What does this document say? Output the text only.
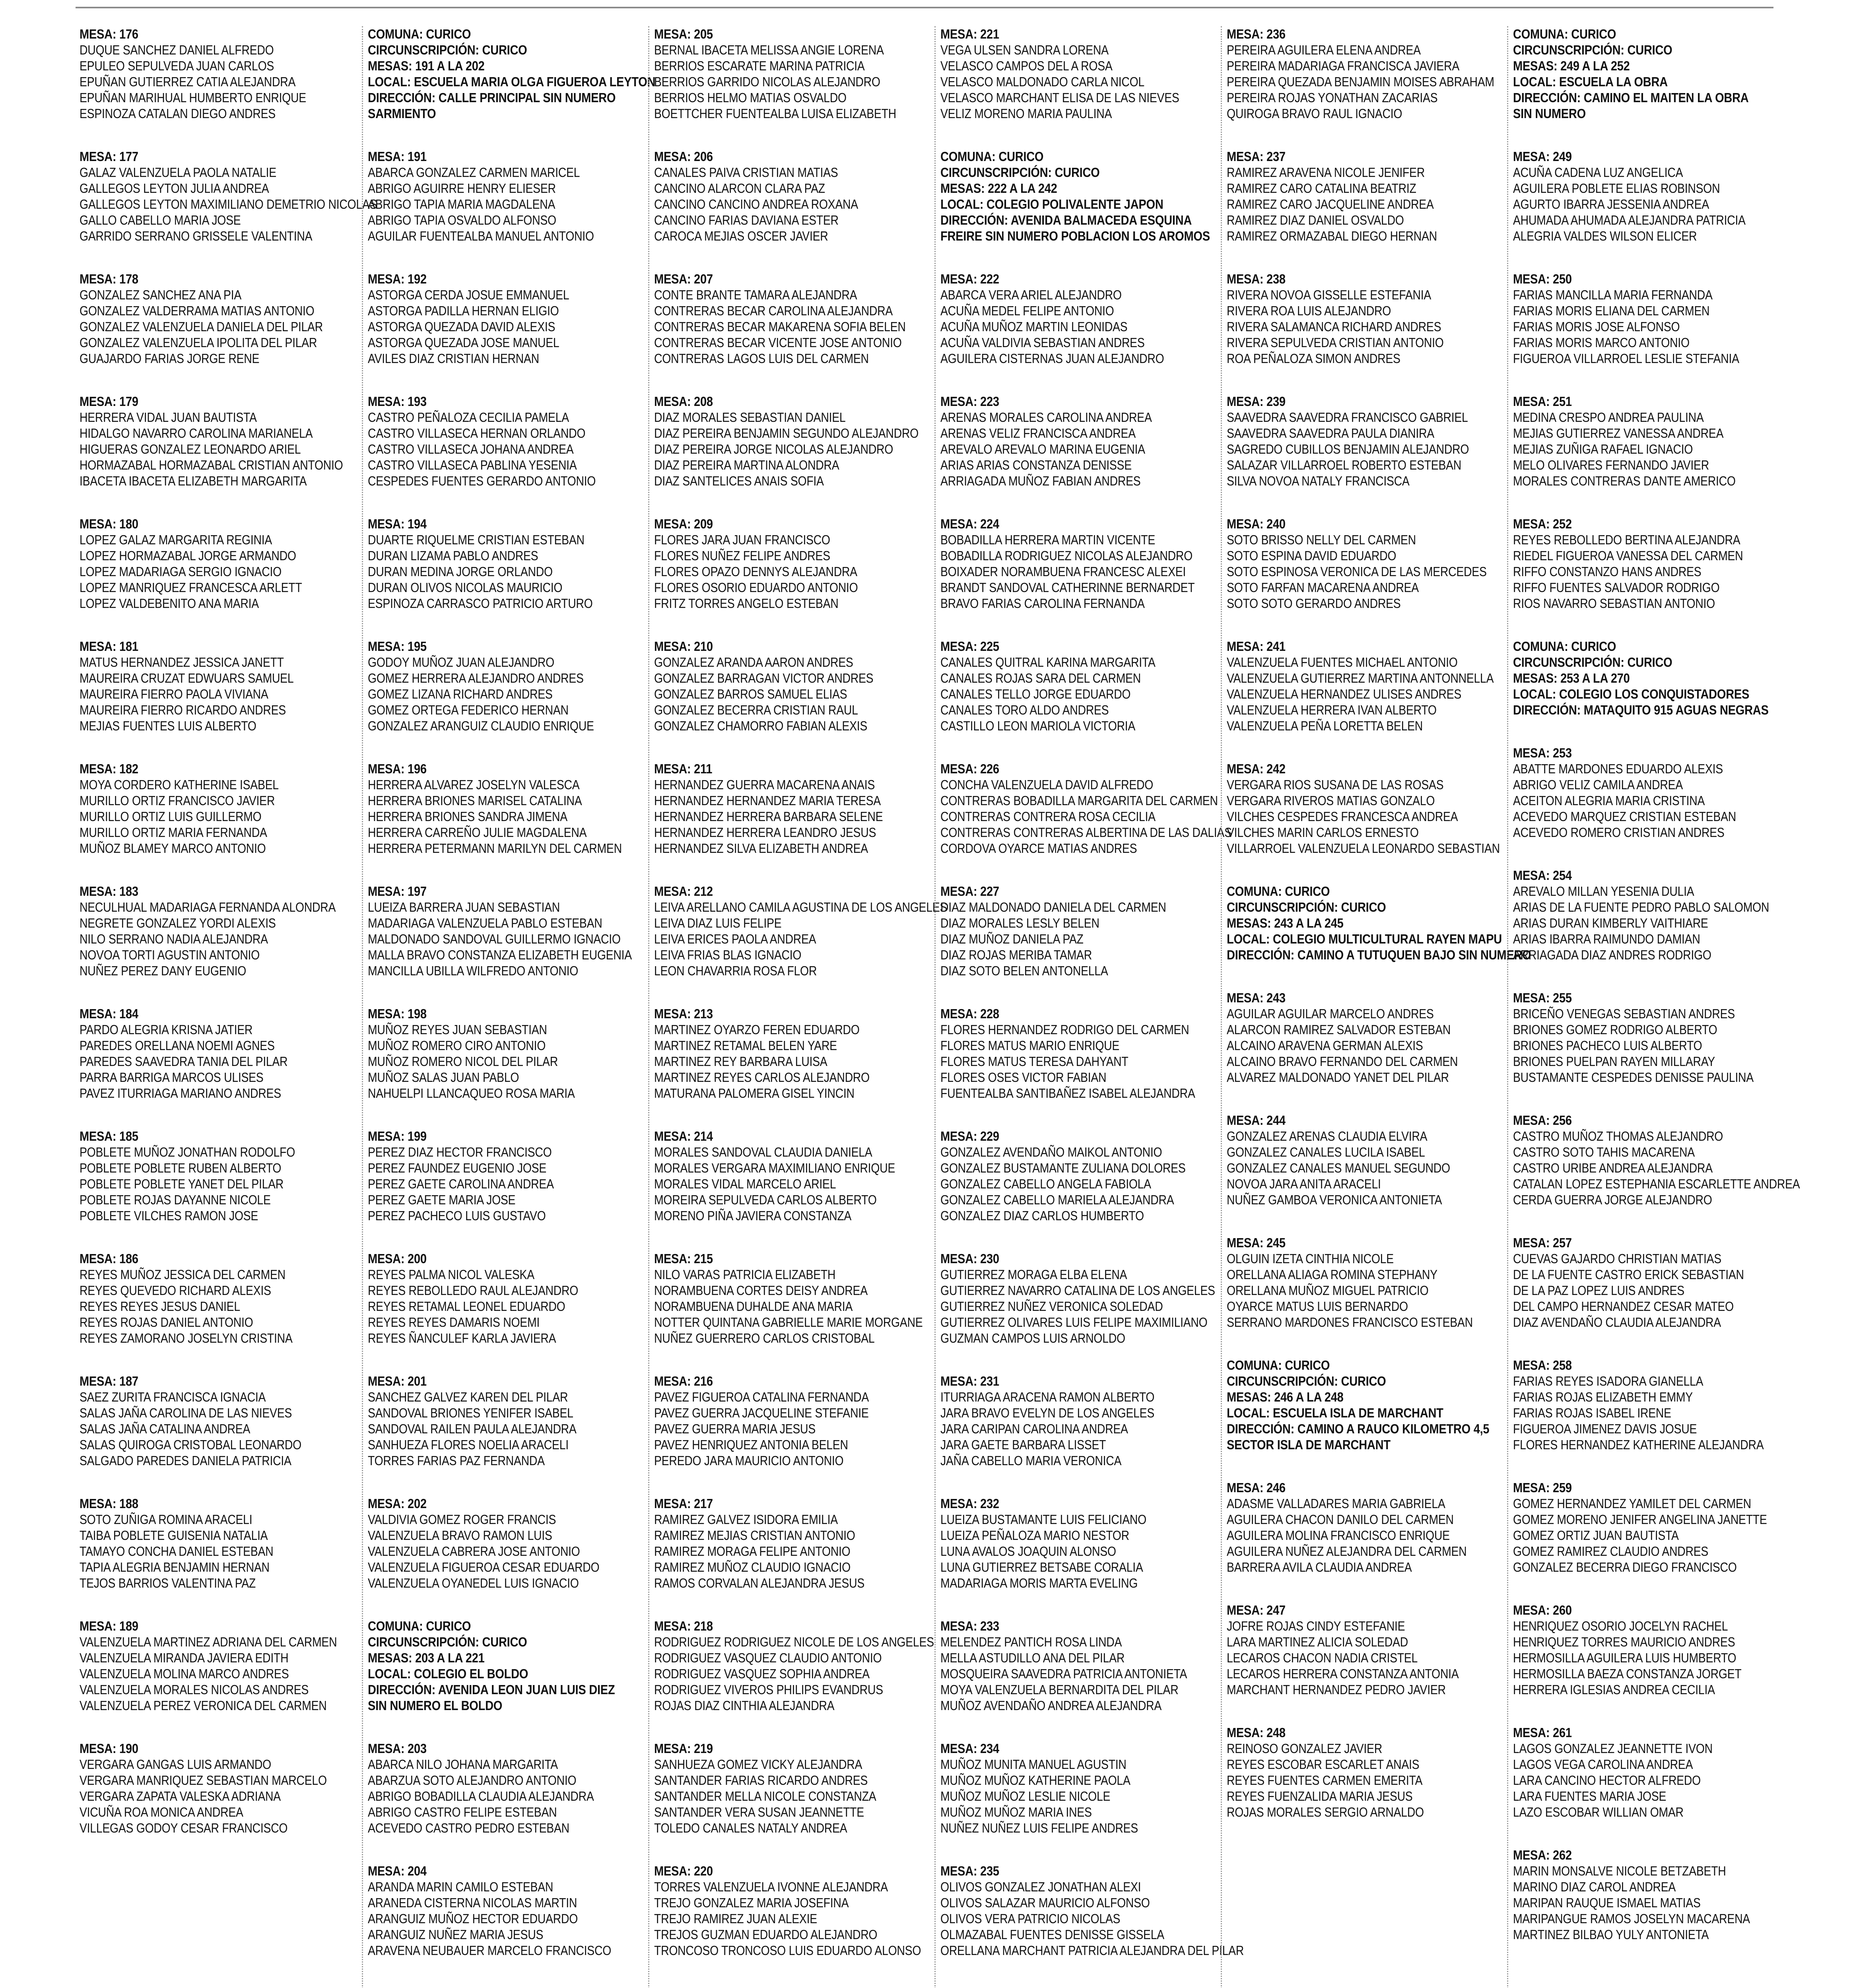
MESA: 176
DUQUE SANCHEZ DANIEL ALFREDO
EPULEO SEPULVEDA JUAN CARLOS
EPUÑAN GUTIERREZ CATIA ALEJANDRA
EPUÑAN MARIHUAL HUMBERTO ENRIQUE
ESPINOZA CATALAN DIEGO ANDRES
MESA: 177
GALAZ VALENZUELA PAOLA NATALIE
GALLEGOS LEYTON JULIA ANDREA
GALLEGOS LEYTON MAXIMILIANO DEMETRIO NICOLAS
GALLO CABELLO MARIA JOSE
GARRIDO SERRANO GRISSELE VALENTINA
MESA: 178
GONZALEZ SANCHEZ ANA PIA
GONZALEZ VALDERRAMA MATIAS ANTONIO
GONZALEZ VALENZUELA DANIELA DEL PILAR
GONZALEZ VALENZUELA IPOLITA DEL PILAR
GUAJARDO FARIAS JORGE RENE
MESA: 179
HERRERA VIDAL JUAN BAUTISTA
HIDALGO NAVARRO CAROLINA MARIANELA
HIGUERAS GONZALEZ LEONARDO ARIEL
HORMAZABAL HORMAZABAL CRISTIAN ANTONIO
IBACETA IBACETA ELIZABETH MARGARITA
MESA: 180
LOPEZ GALAZ MARGARITA REGINIA
LOPEZ HORMAZABAL JORGE ARMANDO
LOPEZ MADARIAGA SERGIO IGNACIO
LOPEZ MANRIQUEZ FRANCESCA ARLETT
LOPEZ VALDEBENITO ANA MARIA
MESA: 181
MATUS HERNANDEZ JESSICA JANETT
MAUREIRA CRUZAT EDWUARS SAMUEL
MAUREIRA FIERRO PAOLA VIVIANA
MAUREIRA FIERRO RICARDO ANDRES
MEJIAS FUENTES LUIS ALBERTO
MESA: 182
MOYA CORDERO KATHERINE ISABEL
MURILLO ORTIZ FRANCISCO JAVIER
MURILLO ORTIZ LUIS GUILLERMO
MURILLO ORTIZ MARIA FERNANDA
MUÑOZ BLAMEY MARCO ANTONIO
MESA: 183
NECULHUAL MADARIAGA FERNANDA ALONDRA
NEGRETE GONZALEZ YORDI ALEXIS
NILO SERRANO NADIA ALEJANDRA
NOVOA TORTI AGUSTIN ANTONIO
NUÑEZ PEREZ DANY EUGENIO
MESA: 184
PARDO ALEGRIA KRISNA JATIER
PAREDES ORELLANA NOEMI AGNES
PAREDES SAAVEDRA TANIA DEL PILAR
PARRA BARRIGA MARCOS ULISES
PAVEZ ITURRIAGA MARIANO ANDRES
MESA: 185
POBLETE MUÑOZ JONATHAN RODOLFO
POBLETE POBLETE RUBEN ALBERTO
POBLETE POBLETE YANET DEL PILAR
POBLETE ROJAS DAYANNE NICOLE
POBLETE VILCHES RAMON JOSE
MESA: 186
REYES MUÑOZ JESSICA DEL CARMEN
REYES QUEVEDO RICHARD ALEXIS
REYES REYES JESUS DANIEL
REYES ROJAS DANIEL ANTONIO
REYES ZAMORANO JOSELYN CRISTINA
MESA: 187
SAEZ ZURITA FRANCISCA IGNACIA
SALAS JAÑA CAROLINA DE LAS NIEVES
SALAS JAÑA CATALINA ANDREA
SALAS QUIROGA CRISTOBAL LEONARDO
SALGADO PAREDES DANIELA PATRICIA
MESA: 188
SOTO ZUÑIGA ROMINA ARACELI
TAIBA POBLETE GUISENIA NATALIA
TAMAYO CONCHA DANIEL ESTEBAN
TAPIA ALEGRIA BENJAMIN HERNAN
TEJOS BARRIOS VALENTINA PAZ
MESA: 189
VALENZUELA MARTINEZ ADRIANA DEL CARMEN
VALENZUELA MIRANDA JAVIERA EDITH
VALENZUELA MOLINA MARCO ANDRES
VALENZUELA MORALES NICOLAS ANDRES
VALENZUELA PEREZ VERONICA DEL CARMEN
MESA: 190
VERGARA GANGAS LUIS ARMANDO
VERGARA MANRIQUEZ SEBASTIAN MARCELO
VERGARA ZAPATA VALESKA ADRIANA
VICUÑA ROA MONICA ANDREA
VILLEGAS GODOY CESAR FRANCISCO
COMUNA: CURICO
CIRCUNSCRIPCIÓN: CURICO
MESAS: 191 A LA 202
LOCAL: ESCUELA MARIA OLGA FIGUEROA LEYTON
DIRECCIÓN: CALLE PRINCIPAL SIN NUMERO
SARMIENTO
MESA: 191
ABARCA GONZALEZ CARMEN MARICEL
ABRIGO AGUIRRE HENRY ELIESER
ABRIGO TAPIA MARIA MAGDALENA
ABRIGO TAPIA OSVALDO ALFONSO
AGUILAR FUENTEALBA MANUEL ANTONIO
MESA: 192
ASTORGA CERDA JOSUE EMMANUEL
ASTORGA PADILLA HERNAN ELIGIO
ASTORGA QUEZADA DAVID ALEXIS
ASTORGA QUEZADA JOSE MANUEL
AVILES DIAZ CRISTIAN HERNAN
MESA: 193
CASTRO PEÑALOZA CECILIA PAMELA
CASTRO VILLASECA HERNAN ORLANDO
CASTRO VILLASECA JOHANA ANDREA
CASTRO VILLASECA PABLINA YESENIA
CESPEDES FUENTES GERARDO ANTONIO
MESA: 194
DUARTE RIQUELME CRISTIAN ESTEBAN
DURAN LIZAMA PABLO ANDRES
DURAN MEDINA JORGE ORLANDO
DURAN OLIVOS NICOLAS MAURICIO
ESPINOZA CARRASCO PATRICIO ARTURO
MESA: 195
GODOY MUÑOZ JUAN ALEJANDRO
GOMEZ HERRERA ALEJANDRO ANDRES
GOMEZ LIZANA RICHARD ANDRES
GOMEZ ORTEGA FEDERICO HERNAN
GONZALEZ ARANGUIZ CLAUDIO ENRIQUE
MESA: 196
HERRERA ALVAREZ JOSELYN VALESCA
HERRERA BRIONES MARISEL CATALINA
HERRERA BRIONES SANDRA JIMENA
HERRERA CARREÑO JULIE MAGDALENA
HERRERA PETERMANN MARILYN DEL CARMEN
MESA: 197
LUEIZA BARRERA JUAN SEBASTIAN
MADARIAGA VALENZUELA PABLO ESTEBAN
MALDONADO SANDOVAL GUILLERMO IGNACIO
MALLA BRAVO CONSTANZA ELIZABETH EUGENIA
MANCILLA UBILLA WILFREDO ANTONIO
MESA: 198
MUÑOZ REYES JUAN SEBASTIAN
MUÑOZ ROMERO CIRO ANTONIO
MUÑOZ ROMERO NICOL DEL PILAR
MUÑOZ SALAS JUAN PABLO
NAHUELPI LLANCAQUEO ROSA MARIA
MESA: 199
PEREZ DIAZ HECTOR FRANCISCO
PEREZ FAUNDEZ EUGENIO JOSE
PEREZ GAETE CAROLINA ANDREA
PEREZ GAETE MARIA JOSE
PEREZ PACHECO LUIS GUSTAVO
MESA: 200
REYES PALMA NICOL VALESKA
REYES REBOLLEDO RAUL ALEJANDRO
REYES RETAMAL LEONEL EDUARDO
REYES REYES DAMARIS NOEMI
REYES ÑANCULEF KARLA JAVIERA
MESA: 201
SANCHEZ GALVEZ KAREN DEL PILAR
SANDOVAL BRIONES YENIFER ISABEL
SANDOVAL RAILEN PAULA ALEJANDRA
SANHUEZA FLORES NOELIA ARACELI
TORRES FARIAS PAZ FERNANDA
MESA: 202
VALDIVIA GOMEZ ROGER FRANCIS
VALENZUELA BRAVO RAMON LUIS
VALENZUELA CABRERA JOSE ANTONIO
VALENZUELA FIGUEROA CESAR EDUARDO
VALENZUELA OYANEDEL LUIS IGNACIO
COMUNA: CURICO
CIRCUNSCRIPCIÓN: CURICO
MESAS: 203 A LA 221
LOCAL: COLEGIO EL BOLDO
DIRECCIÓN: AVENIDA LEON JUAN LUIS DIEZ
SIN NUMERO EL BOLDO
MESA: 203
ABARCA NILO JOHANA MARGARITA
ABARZUA SOTO ALEJANDRO ANTONIO
ABRIGO BOBADILLA CLAUDIA ALEJANDRA
ABRIGO CASTRO FELIPE ESTEBAN
ACEVEDO CASTRO PEDRO ESTEBAN
MESA: 204
ARANDA MARIN CAMILO ESTEBAN
ARANEDA CISTERNA NICOLAS MARTIN
ARANGUIZ MUÑOZ HECTOR EDUARDO
ARANGUIZ NUÑEZ MARIA JESUS
ARAVENA NEUBAUER MARCELO FRANCISCO
MESA: 205
BERNAL IBACETA MELISSA ANGIE LORENA
BERRIOS ESCARATE MARINA PATRICIA
BERRIOS GARRIDO NICOLAS ALEJANDRO
BERRIOS HELMO MATIAS OSVALDO
BOETTCHER FUENTEALBA LUISA ELIZABETH
MESA: 206
CANALES PAIVA CRISTIAN MATIAS
CANCINO ALARCON CLARA PAZ
CANCINO CANCINO ANDREA ROXANA
CANCINO FARIAS DAVIANA ESTER
CAROCA MEJIAS OSCER JAVIER
MESA: 207
CONTE BRANTE TAMARA ALEJANDRA
CONTRERAS BECAR CAROLINA ALEJANDRA
CONTRERAS BECAR MAKARENA SOFIA BELEN
CONTRERAS BECAR VICENTE JOSE ANTONIO
CONTRERAS LAGOS LUIS DEL CARMEN
MESA: 208
DIAZ MORALES SEBASTIAN DANIEL
DIAZ PEREIRA BENJAMIN SEGUNDO ALEJANDRO
DIAZ PEREIRA JORGE NICOLAS ALEJANDRO
DIAZ PEREIRA MARTINA ALONDRA
DIAZ SANTELICES ANAIS SOFIA
MESA: 209
FLORES JARA JUAN FRANCISCO
FLORES NUÑEZ FELIPE ANDRES
FLORES OPAZO DENNYS ALEJANDRA
FLORES OSORIO EDUARDO ANTONIO
FRITZ TORRES ANGELO ESTEBAN
MESA: 210
GONZALEZ ARANDA AARON ANDRES
GONZALEZ BARRAGAN VICTOR ANDRES
GONZALEZ BARROS SAMUEL ELIAS
GONZALEZ BECERRA CRISTIAN RAUL
GONZALEZ CHAMORRO FABIAN ALEXIS
MESA: 211
HERNANDEZ GUERRA MACARENA ANAIS
HERNANDEZ HERNANDEZ MARIA TERESA
HERNANDEZ HERRERA BARBARA SELENE
HERNANDEZ HERRERA LEANDRO JESUS
HERNANDEZ SILVA ELIZABETH ANDREA
MESA: 212
LEIVA ARELLANO CAMILA AGUSTINA DE LOS ANGELES
LEIVA DIAZ LUIS FELIPE
LEIVA ERICES PAOLA ANDREA
LEIVA FRIAS BLAS IGNACIO
LEON CHAVARRIA ROSA FLOR
MESA: 213
MARTINEZ OYARZO FEREN EDUARDO
MARTINEZ RETAMAL BELEN YARE
MARTINEZ REY BARBARA LUISA
MARTINEZ REYES CARLOS ALEJANDRO
MATURANA PALOMERA GISEL YINCIN
MESA: 214
MORALES SANDOVAL CLAUDIA DANIELA
MORALES VERGARA MAXIMILIANO ENRIQUE
MORALES VIDAL MARCELO ARIEL
MOREIRA SEPULVEDA CARLOS ALBERTO
MORENO PIÑA JAVIERA CONSTANZA
MESA: 215
NILO VARAS PATRICIA ELIZABETH
NORAMBUENA CORTES DEISY ANDREA
NORAMBUENA DUHALDE ANA MARIA
NOTTER QUINTANA GABRIELLE MARIE MORGANE
NUÑEZ GUERRERO CARLOS CRISTOBAL
MESA: 216
PAVEZ FIGUEROA CATALINA FERNANDA
PAVEZ GUERRA JACQUELINE STEFANIE
PAVEZ GUERRA MARIA JESUS
PAVEZ HENRIQUEZ ANTONIA BELEN
PEREDO JARA MAURICIO ANTONIO
MESA: 217
RAMIREZ GALVEZ ISIDORA EMILIA
RAMIREZ MEJIAS CRISTIAN ANTONIO
RAMIREZ MORAGA FELIPE ANTONIO
RAMIREZ MUÑOZ CLAUDIO IGNACIO
RAMOS CORVALAN ALEJANDRA JESUS
MESA: 218
RODRIGUEZ RODRIGUEZ NICOLE DE LOS ANGELES
RODRIGUEZ VASQUEZ CLAUDIO ANTONIO
RODRIGUEZ VASQUEZ SOPHIA ANDREA
RODRIGUEZ VIVEROS PHILIPS EVANDRUS
ROJAS DIAZ CINTHIA ALEJANDRA
MESA: 219
SANHUEZA GOMEZ VICKY ALEJANDRA
SANTANDER FARIAS RICARDO ANDRES
SANTANDER MELLA NICOLE CONSTANZA
SANTANDER VERA SUSAN JEANNETTE
TOLEDO CANALES NATALY ANDREA
MESA: 220
TORRES VALENZUELA IVONNE ALEJANDRA
TREJO GONZALEZ MARIA JOSEFINA
TREJO RAMIREZ JUAN ALEXIE
TREJOS GUZMAN EDUARDO ALEJANDRO
TRONCOSO TRONCOSO LUIS EDUARDO ALONSO
MESA: 221
VEGA ULSEN SANDRA LORENA
VELASCO CAMPOS DEL A ROSA
VELASCO MALDONADO CARLA NICOL
VELASCO MARCHANT ELISA DE LAS NIEVES
VELIZ MORENO MARIA PAULINA
COMUNA: CURICO
CIRCUNSCRIPCIÓN: CURICO
MESAS: 222 A LA 242
LOCAL: COLEGIO POLIVALENTE JAPON
DIRECCIÓN: AVENIDA BALMACEDA ESQUINA
FREIRE SIN NUMERO POBLACION LOS AROMOS
MESA: 222
ABARCA VERA ARIEL ALEJANDRO
ACUÑA MEDEL FELIPE ANTONIO
ACUÑA MUÑOZ MARTIN LEONIDAS
ACUÑA VALDIVIA SEBASTIAN ANDRES
AGUILERA CISTERNAS JUAN ALEJANDRO
MESA: 223
ARENAS MORALES CAROLINA ANDREA
ARENAS VELIZ FRANCISCA ANDREA
AREVALO AREVALO MARINA EUGENIA
ARIAS ARIAS CONSTANZA DENISSE
ARRIAGADA MUÑOZ FABIAN ANDRES
MESA: 224
BOBADILLA HERRERA MARTIN VICENTE
BOBADILLA RODRIGUEZ NICOLAS ALEJANDRO
BOIXADER NORAMBUENA FRANCESC ALEXEI
BRANDT SANDOVAL CATHERINNE BERNARDET
BRAVO FARIAS CAROLINA FERNANDA
MESA: 225
CANALES QUITRAL KARINA MARGARITA
CANALES ROJAS SARA DEL CARMEN
CANALES TELLO JORGE EDUARDO
CANALES TORO ALDO ANDRES
CASTILLO LEON MARIOLA VICTORIA
MESA: 226
CONCHA VALENZUELA DAVID ALFREDO
CONTRERAS BOBADILLA MARGARITA DEL CARMEN
CONTRERAS CONTRERA ROSA CECILIA
CONTRERAS CONTRERAS ALBERTINA DE LAS DALIAS
CORDOVA OYARCE MATIAS ANDRES
MESA: 227
DIAZ MALDONADO DANIELA DEL CARMEN
DIAZ MORALES LESLY BELEN
DIAZ MUÑOZ DANIELA PAZ
DIAZ ROJAS MERIBA TAMAR
DIAZ SOTO BELEN ANTONELLA
MESA: 228
FLORES HERNANDEZ RODRIGO DEL CARMEN
FLORES MATUS MARIO ENRIQUE
FLORES MATUS TERESA DAHYANT
FLORES OSES VICTOR FABIAN
FUENTEALBA SANTIBAÑEZ ISABEL ALEJANDRA
MESA: 229
GONZALEZ AVENDAÑO MAIKOL ANTONIO
GONZALEZ BUSTAMANTE ZULIANA DOLORES
GONZALEZ CABELLO ANGELA FABIOLA
GONZALEZ CABELLO MARIELA ALEJANDRA
GONZALEZ DIAZ CARLOS HUMBERTO
MESA: 230
GUTIERREZ MORAGA ELBA ELENA
GUTIERREZ NAVARRO CATALINA DE LOS ANGELES
GUTIERREZ NUÑEZ VERONICA SOLEDAD
GUTIERREZ OLIVARES LUIS FELIPE MAXIMILIANO
GUZMAN CAMPOS LUIS ARNOLDO
MESA: 231
ITURRIAGA ARACENA RAMON ALBERTO
JARA BRAVO EVELYN DE LOS ANGELES
JARA CARIPAN CAROLINA ANDREA
JARA GAETE BARBARA LISSET
JAÑA CABELLO MARIA VERONICA
MESA: 232
LUEIZA BUSTAMANTE LUIS FELICIANO
LUEIZA PEÑALOZA MARIO NESTOR
LUNA AVALOS JOAQUIN ALONSO
LUNA GUTIERREZ BETSABE CORALIA
MADARIAGA MORIS MARTA EVELING
MESA: 233
MELENDEZ PANTICH ROSA LINDA
MELLA ASTUDILLO ANA DEL PILAR
MOSQUEIRA SAAVEDRA PATRICIA ANTONIETA
MOYA VALENZUELA BERNARDITA DEL PILAR
MUÑOZ AVENDAÑO ANDREA ALEJANDRA
MESA: 234
MUÑOZ MUNITA MANUEL AGUSTIN
MUÑOZ MUÑOZ KATHERINE PAOLA
MUÑOZ MUÑOZ LESLIE NICOLE
MUÑOZ MUÑOZ MARIA INES
NUÑEZ NUÑEZ LUIS FELIPE ANDRES
MESA: 235
OLIVOS GONZALEZ JONATHAN ALEXI
OLIVOS SALAZAR MAURICIO ALFONSO
OLIVOS VERA PATRICIO NICOLAS
OLMAZABAL FUENTES DENISSE GISSELA
ORELLANA MARCHANT PATRICIA ALEJANDRA DEL PILAR
MESA: 236
PEREIRA AGUILERA ELENA ANDREA
PEREIRA MADARIAGA FRANCISCA JAVIERA
PEREIRA QUEZADA BENJAMIN MOISES ABRAHAM
PEREIRA ROJAS YONATHAN ZACARIAS
QUIROGA BRAVO RAUL IGNACIO
MESA: 237
RAMIREZ ARAVENA NICOLE JENIFER
RAMIREZ CARO CATALINA BEATRIZ
RAMIREZ CARO JACQUELINE ANDREA
RAMIREZ DIAZ DANIEL OSVALDO
RAMIREZ ORMAZABAL DIEGO HERNAN
MESA: 238
RIVERA NOVOA GISSELLE ESTEFANIA
RIVERA ROA LUIS ALEJANDRO
RIVERA SALAMANCA RICHARD ANDRES
RIVERA SEPULVEDA CRISTIAN ANTONIO
ROA PEÑALOZA SIMON ANDRES
MESA: 239
SAAVEDRA SAAVEDRA FRANCISCO GABRIEL
SAAVEDRA SAAVEDRA PAULA DIANIRA
SAGREDO CUBILLOS BENJAMIN ALEJANDRO
SALAZAR VILLARROEL ROBERTO ESTEBAN
SILVA NOVOA NATALY FRANCISCA
MESA: 240
SOTO BRISSO NELLY DEL CARMEN
SOTO ESPINA DAVID EDUARDO
SOTO ESPINOSA VERONICA DE LAS MERCEDES
SOTO FARFAN MACARENA ANDREA
SOTO SOTO GERARDO ANDRES
MESA: 241
VALENZUELA FUENTES MICHAEL ANTONIO
VALENZUELA GUTIERREZ MARTINA ANTONNELLA
VALENZUELA HERNANDEZ ULISES ANDRES
VALENZUELA HERRERA IVAN ALBERTO
VALENZUELA PEÑA LORETTA BELEN
MESA: 242
VERGARA RIOS SUSANA DE LAS ROSAS
VERGARA RIVEROS MATIAS GONZALO
VILCHES CESPEDES FRANCESCA ANDREA
VILCHES MARIN CARLOS ERNESTO
VILLARROEL VALENZUELA LEONARDO SEBASTIAN
COMUNA: CURICO
CIRCUNSCRIPCIÓN: CURICO
MESAS: 243 A LA 245
LOCAL: COLEGIO MULTICULTURAL RAYEN MAPU
DIRECCIÓN: CAMINO A TUTUQUEN BAJO SIN NUMERO
MESA: 243
AGUILAR AGUILAR MARCELO ANDRES
ALARCON RAMIREZ SALVADOR ESTEBAN
ALCAINO ARAVENA GERMAN ALEXIS
ALCAINO BRAVO FERNANDO DEL CARMEN
ALVAREZ MALDONADO YANET DEL PILAR
MESA: 244
GONZALEZ ARENAS CLAUDIA ELVIRA
GONZALEZ CANALES LUCILA ISABEL
GONZALEZ CANALES MANUEL SEGUNDO
NOVOA JARA ANITA ARACELI
NUÑEZ GAMBOA VERONICA ANTONIETA
MESA: 245
OLGUIN IZETA CINTHIA NICOLE
ORELLANA ALIAGA ROMINA STEPHANY
ORELLANA MUÑOZ MIGUEL PATRICIO
OYARCE MATUS LUIS BERNARDO
SERRANO MARDONES FRANCISCO ESTEBAN
COMUNA: CURICO
CIRCUNSCRIPCIÓN: CURICO
MESAS: 246 A LA 248
LOCAL: ESCUELA ISLA DE MARCHANT
DIRECCIÓN: CAMINO A RAUCO KILOMETRO 4,5
SECTOR ISLA DE MARCHANT
MESA: 246
ADASME VALLADARES MARIA GABRIELA
AGUILERA CHACON DANILO DEL CARMEN
AGUILERA MOLINA FRANCISCO ENRIQUE
AGUILERA NUÑEZ ALEJANDRA DEL CARMEN
BARRERA AVILA CLAUDIA ANDREA
MESA: 247
JOFRE ROJAS CINDY ESTEFANIE
LARA MARTINEZ ALICIA SOLEDAD
LECAROS CHACON NADIA CRISTEL
LECAROS HERRERA CONSTANZA ANTONIA
MARCHANT HERNANDEZ PEDRO JAVIER
MESA: 248
REINOSO GONZALEZ JAVIER
REYES ESCOBAR ESCARLET ANAIS
REYES FUENTES CARMEN EMERITA
REYES FUENZALIDA MARIA JESUS
ROJAS MORALES SERGIO ARNALDO
COMUNA: CURICO
CIRCUNSCRIPCIÓN: CURICO
MESAS: 249 A LA 252
LOCAL: ESCUELA LA OBRA
DIRECCIÓN: CAMINO EL MAITEN LA OBRA
SIN NUMERO
MESA: 249
ACUÑA CADENA LUZ ANGELICA
AGUILERA POBLETE ELIAS ROBINSON
AGURTO IBARRA JESSENIA ANDREA
AHUMADA AHUMADA ALEJANDRA PATRICIA
ALEGRIA VALDES WILSON ELICER
MESA: 250
FARIAS MANCILLA MARIA FERNANDA
FARIAS MORIS ELIANA DEL CARMEN
FARIAS MORIS JOSE ALFONSO
FARIAS MORIS MARCO ANTONIO
FIGUEROA VILLARROEL LESLIE STEFANIA
MESA: 251
MEDINA CRESPO ANDREA PAULINA
MEJIAS GUTIERREZ VANESSA ANDREA
MEJIAS ZUÑIGA RAFAEL IGNACIO
MELO OLIVARES FERNANDO JAVIER
MORALES CONTRERAS DANTE AMERICO
MESA: 252
REYES REBOLLEDO BERTINA ALEJANDRA
RIEDEL FIGUEROA VANESSA DEL CARMEN
RIFFO CONSTANZO HANS ANDRES
RIFFO FUENTES SALVADOR RODRIGO
RIOS NAVARRO SEBASTIAN ANTONIO
COMUNA: CURICO
CIRCUNSCRIPCIÓN: CURICO
MESAS: 253 A LA 270
LOCAL: COLEGIO LOS CONQUISTADORES
DIRECCIÓN: MATAQUITO 915 AGUAS NEGRAS
MESA: 253
ABATTE MARDONES EDUARDO ALEXIS
ABRIGO VELIZ CAMILA ANDREA
ACEITON ALEGRIA MARIA CRISTINA
ACEVEDO MARQUEZ CRISTIAN ESTEBAN
ACEVEDO ROMERO CRISTIAN ANDRES
MESA: 254
AREVALO MILLAN YESENIA DULIA
ARIAS DE LA FUENTE PEDRO PABLO SALOMON
ARIAS DURAN KIMBERLY VAITHIARE
ARIAS IBARRA RAIMUNDO DAMIAN
ARRIAGADA DIAZ ANDRES RODRIGO
MESA: 255
BRICEÑO VENEGAS SEBASTIAN ANDRES
BRIONES GOMEZ RODRIGO ALBERTO
BRIONES PACHECO LUIS ALBERTO
BRIONES PUELPAN RAYEN MILLARAY
BUSTAMANTE CESPEDES DENISSE PAULINA
MESA: 256
CASTRO MUÑOZ THOMAS ALEJANDRO
CASTRO SOTO TAHIS MACARENA
CASTRO URIBE ANDREA ALEJANDRA
CATALAN LOPEZ ESTEPHANIA ESCARLETTE ANDREA
CERDA GUERRA JORGE ALEJANDRO
MESA: 257
CUEVAS GAJARDO CHRISTIAN MATIAS
DE LA FUENTE CASTRO ERICK SEBASTIAN
DE LA PAZ LOPEZ LUIS ANDRES
DEL CAMPO HERNANDEZ CESAR MATEO
DIAZ AVENDAÑO CLAUDIA ALEJANDRA
MESA: 258
FARIAS REYES ISADORA GIANELLA
FARIAS ROJAS ELIZABETH EMMY
FARIAS ROJAS ISABEL IRENE
FIGUEROA JIMENEZ DAVIS JOSUE
FLORES HERNANDEZ KATHERINE ALEJANDRA
MESA: 259
GOMEZ HERNANDEZ YAMILET DEL CARMEN
GOMEZ MORENO JENIFER ANGELINA JANETTE
GOMEZ ORTIZ JUAN BAUTISTA
GOMEZ RAMIREZ CLAUDIO ANDRES
GONZALEZ BECERRA DIEGO FRANCISCO
MESA: 260
HENRIQUEZ OSORIO JOCELYN RACHEL
HENRIQUEZ TORRES MAURICIO ANDRES
HERMOSILLA AGUILERA LUIS HUMBERTO
HERMOSILLA BAEZA CONSTANZA JORGET
HERRERA IGLESIAS ANDREA CECILIA
MESA: 261
LAGOS GONZALEZ JEANNETTE IVON
LAGOS VEGA CAROLINA ANDREA
LARA CANCINO HECTOR ALFREDO
LARA FUENTES MARIA JOSE
LAZO ESCOBAR WILLIAN OMAR
MESA: 262
MARIN MONSALVE NICOLE BETZABETH
MARINO DIAZ CAROL ANDREA
MARIPAN RAUQUE ISMAEL MATIAS
MARIPANGUE RAMOS JOSELYN MACARENA
MARTINEZ BILBAO YULY ANTONIETA
